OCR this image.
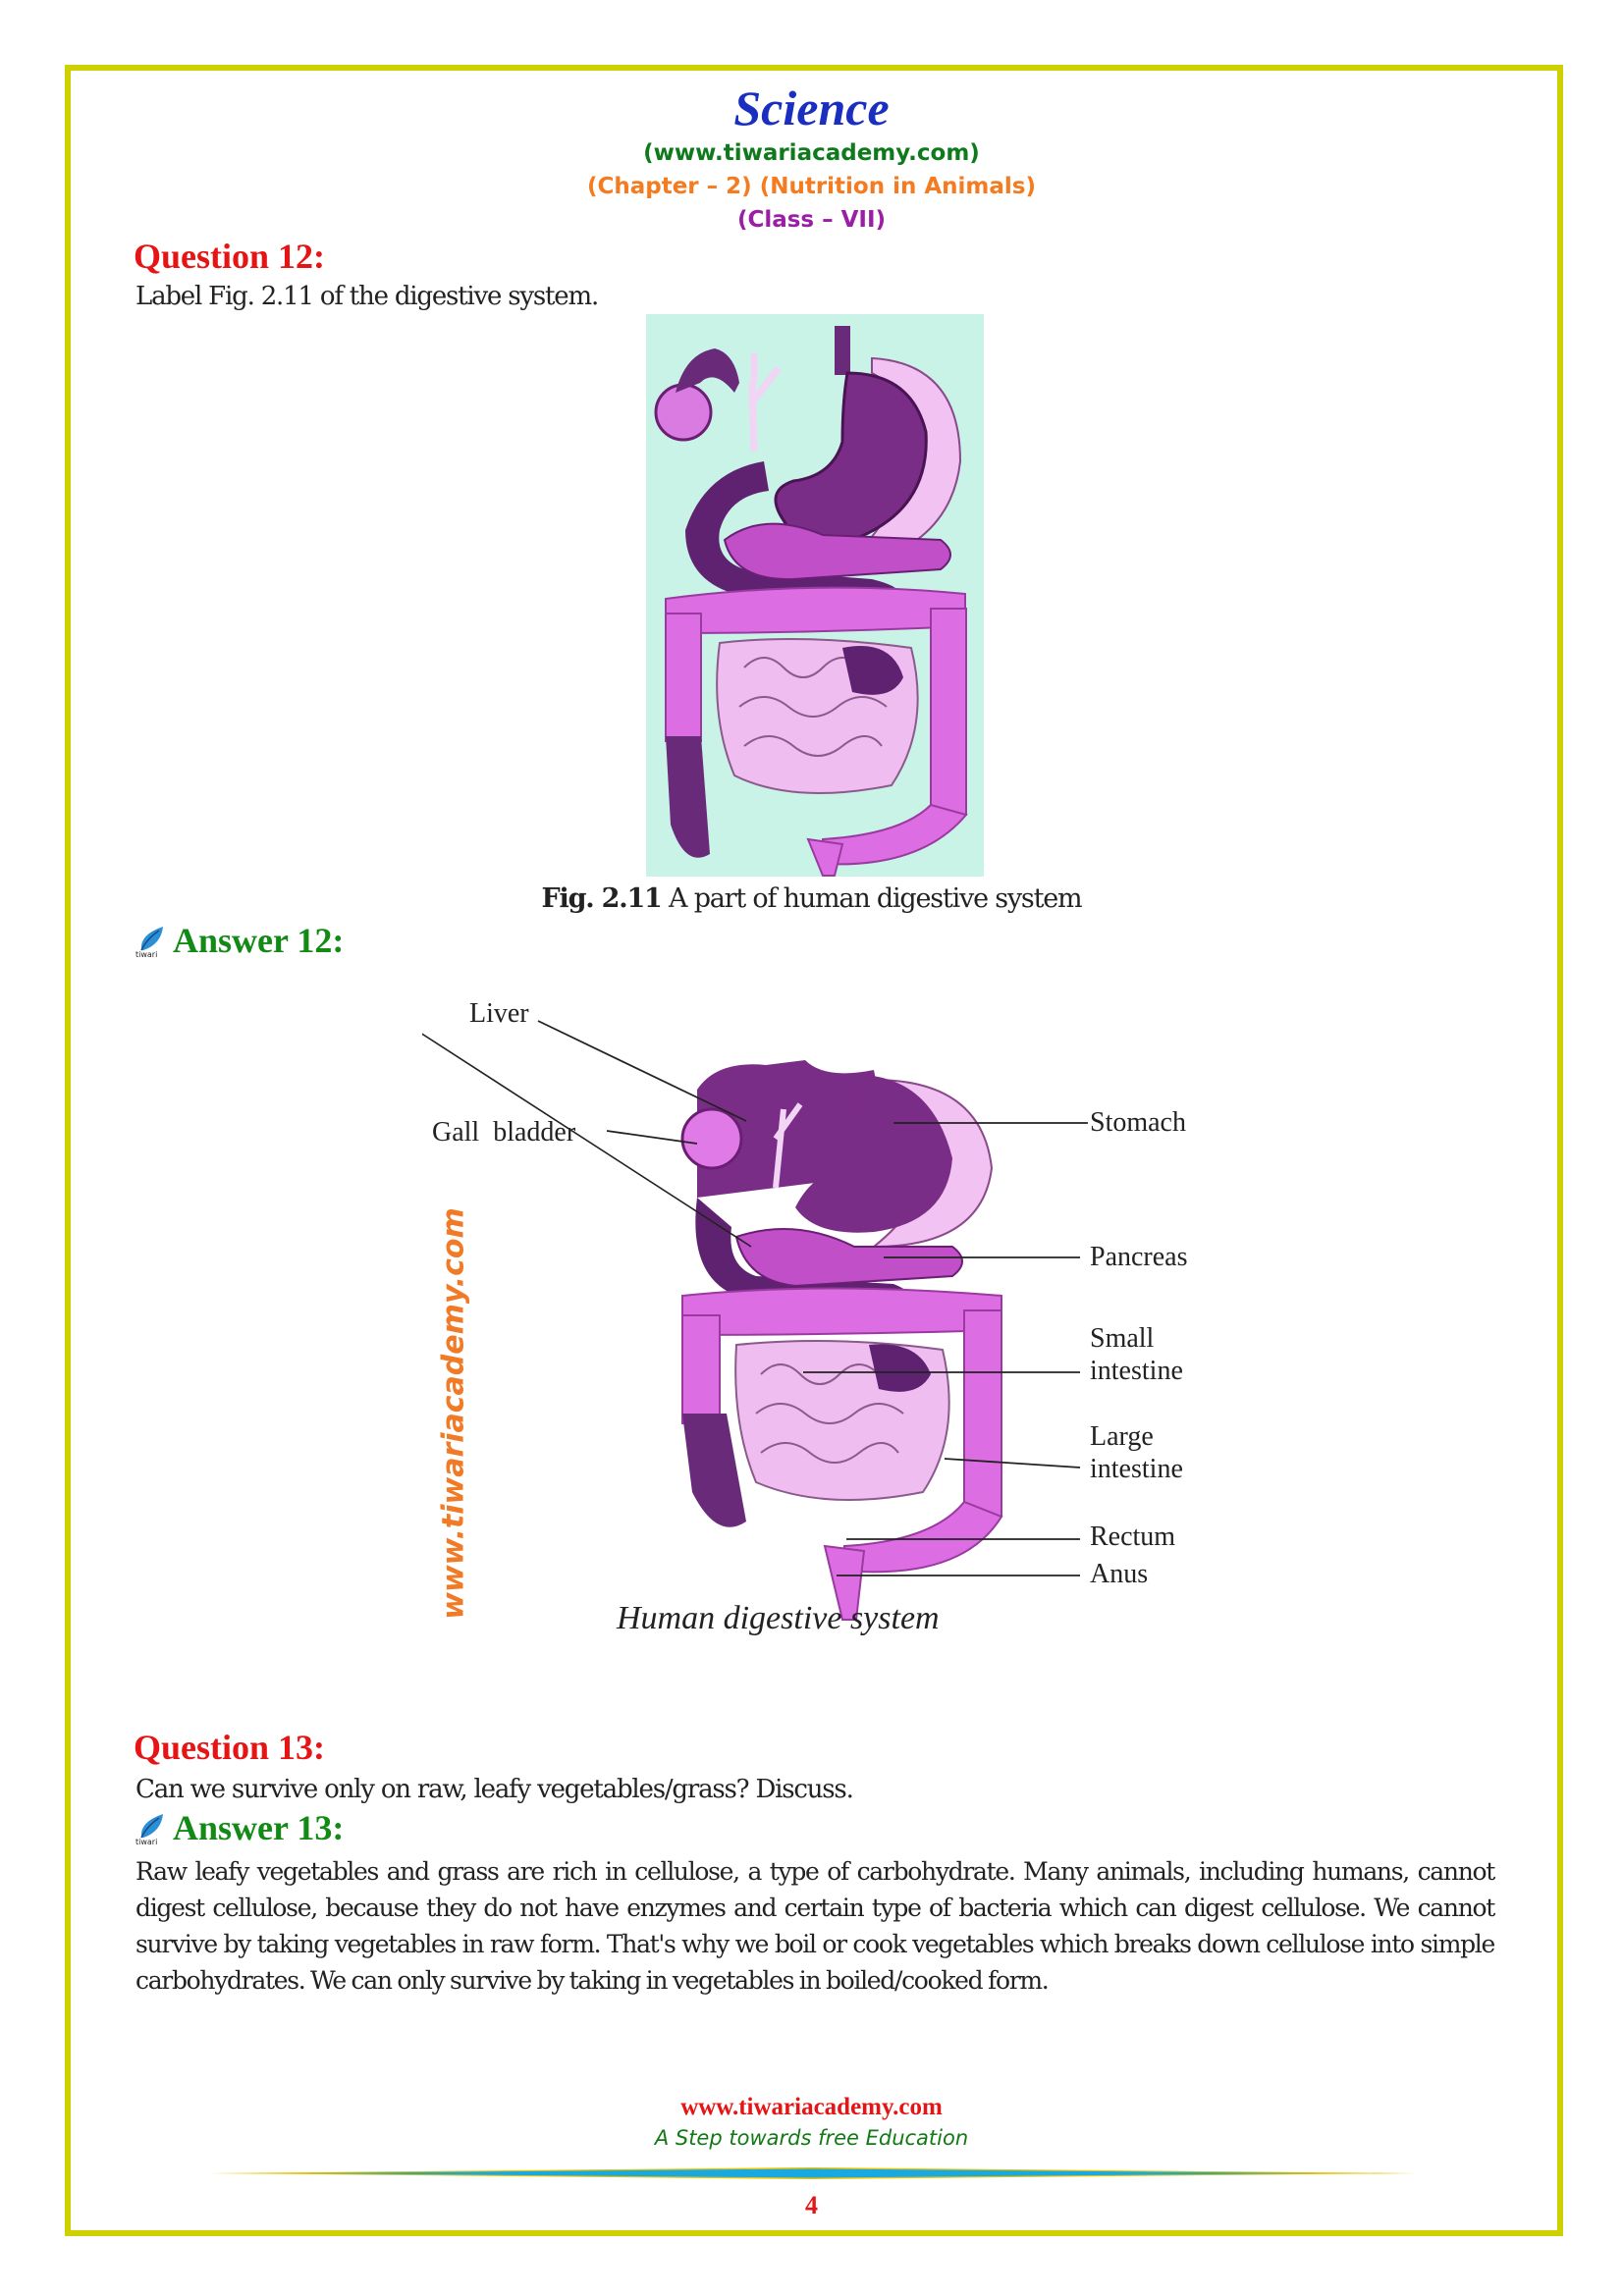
Science
(www.tiwariacademy.com)
(Chapter – 2) (Nutrition in Animals)
(Class – VII)
Question 12:
Label Fig. 2.11 of the digestive system.
Fig. 2.11 A part of human digestive system
tiwari Answer 12:
Liver
Gall  bladder	Stomach
Pancreas
Small
intestine
Large
intestine
Rectum
Anus
www.tiwariacademy.com	Human digestive system
Question 13:
Can we survive only on raw, leafy vegetables/grass? Discuss.
tiwari Answer 13:
Raw leafy vegetables and grass are rich in cellulose, a type of carbohydrate. Many animals, including humans, cannot digest cellulose, because they do not have enzymes and certain type of bacteria which can digest cellulose. We cannot survive by taking vegetables in raw form. That's why we boil or cook vegetables which breaks down cellulose into simple carbohydrates. We can only survive by taking in vegetables in boiled/cooked form.
www.tiwariacademy.com
A Step towards free Education
4
